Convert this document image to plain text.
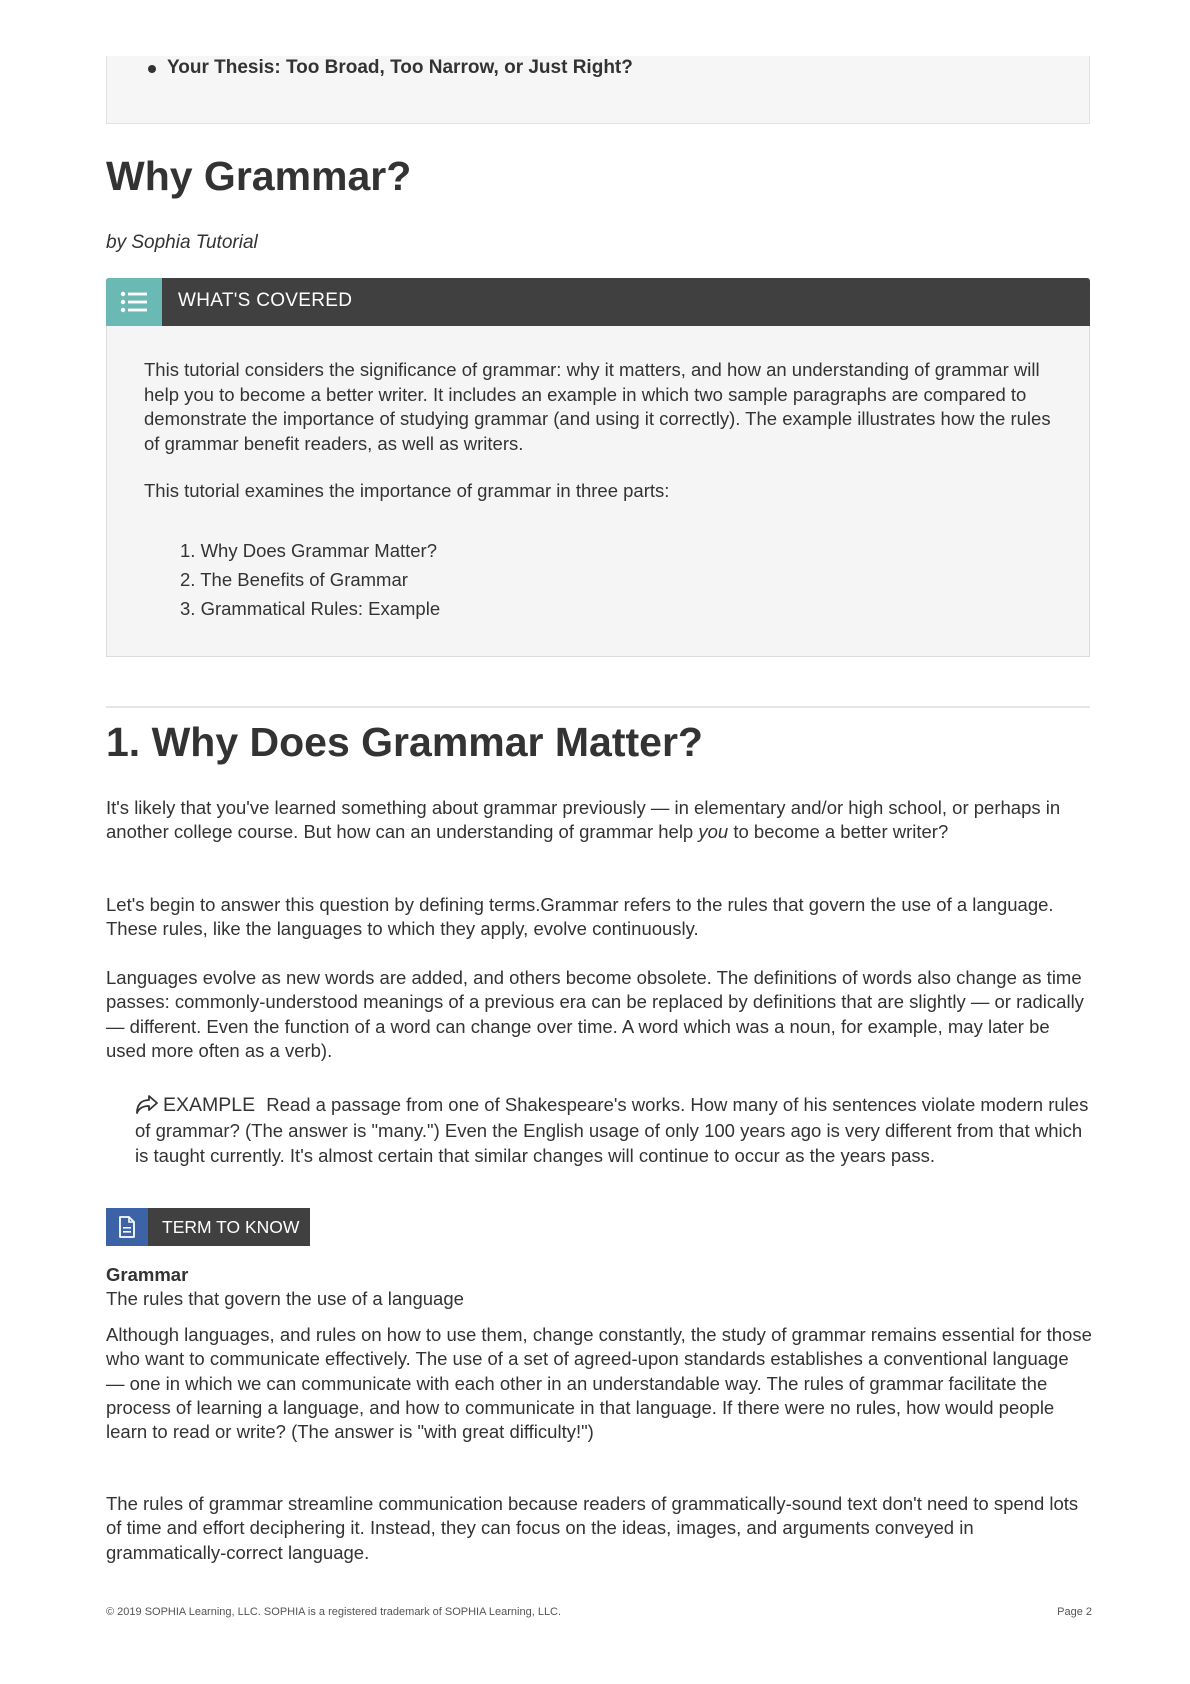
Your Thesis: Too Broad, Too Narrow, or Just Right?
Why Grammar?
by Sophia Tutorial
WHAT'S COVERED

This tutorial considers the significance of grammar: why it matters, and how an understanding of grammar will help you to become a better writer. It includes an example in which two sample paragraphs are compared to demonstrate the importance of studying grammar (and using it correctly). The example illustrates how the rules of grammar benefit readers, as well as writers.

This tutorial examines the importance of grammar in three parts:

1. Why Does Grammar Matter?
2. The Benefits of Grammar
3. Grammatical Rules: Example
1. Why Does Grammar Matter?

It's likely that you've learned something about grammar previously — in elementary and/or high school, or perhaps in another college course. But how can an understanding of grammar help you to become a better writer?

Let's begin to answer this question by defining terms.Grammar refers to the rules that govern the use of a language. These rules, like the languages to which they apply, evolve continuously.

Languages evolve as new words are added, and others become obsolete. The definitions of words also change as time passes: commonly-understood meanings of a previous era can be replaced by definitions that are slightly — or radically — different. Even the function of a word can change over time. A word which was a noun, for example, may later be used more often as a verb).

EXAMPLE Read a passage from one of Shakespeare's works. How many of his sentences violate modern rules of grammar? (The answer is "many.") Even the English usage of only 100 years ago is very different from that which is taught currently. It's almost certain that similar changes will continue to occur as the years pass.

TERM TO KNOW
Grammar
The rules that govern the use of a language

Although languages, and rules on how to use them, change constantly, the study of grammar remains essential for those who want to communicate effectively. The use of a set of agreed-upon standards establishes a conventional language — one in which we can communicate with each other in an understandable way. The rules of grammar facilitate the process of learning a language, and how to communicate in that language. If there were no rules, how would people learn to read or write? (The answer is "with great difficulty!")

The rules of grammar streamline communication because readers of grammatically-sound text don't need to spend lots of time and effort deciphering it. Instead, they can focus on the ideas, images, and arguments conveyed in grammatically-correct language.

© 2019 SOPHIA Learning, LLC. SOPHIA is a registered trademark of SOPHIA Learning, LLC.	Page 2
